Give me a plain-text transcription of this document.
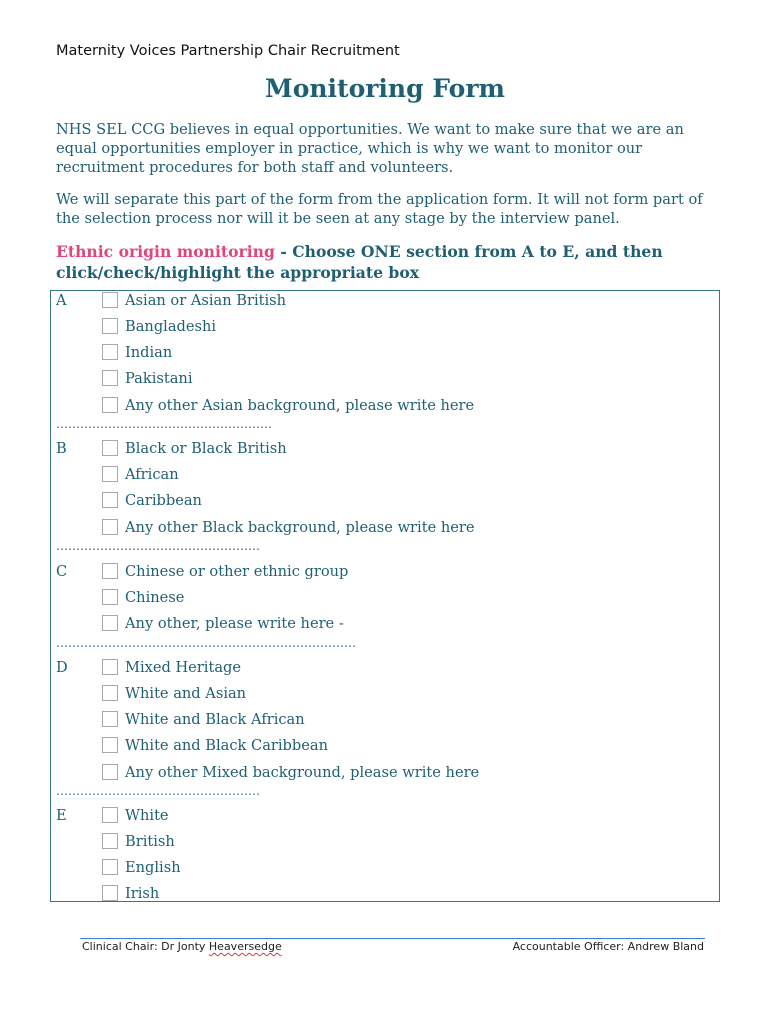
Maternity Voices Partnership Chair Recruitment
Monitoring Form

NHS SEL CCG believes in equal opportunities. We want to make sure that we are an equal opportunities employer in practice, which is why we want to monitor our recruitment procedures for both staff and volunteers.

We will separate this part of the form from the application form. It will not form part of the selection process nor will it be seen at any stage by the interview panel.

Ethnic origin monitoring - Choose ONE section from A to E, and then click/check/highlight the appropriate box

A	Asian or Asian British
Bangladeshi
Indian
Pakistani
Any other Asian background, please write here
………………………………………………
B	Black or Black British
African
Caribbean
Any other Black background, please write here
……………………………………………
C	Chinese or other ethnic group
Chinese
Any other, please write here -
…………………………………………………………………
D	Mixed Heritage
White and Asian
White and Black African
White and Black Caribbean
Any other Mixed background, please write here
……………………………………………
E	White
British
English
Irish
Clinical Chair: Dr Jonty Heaversedge	Accountable Officer: Andrew Bland
